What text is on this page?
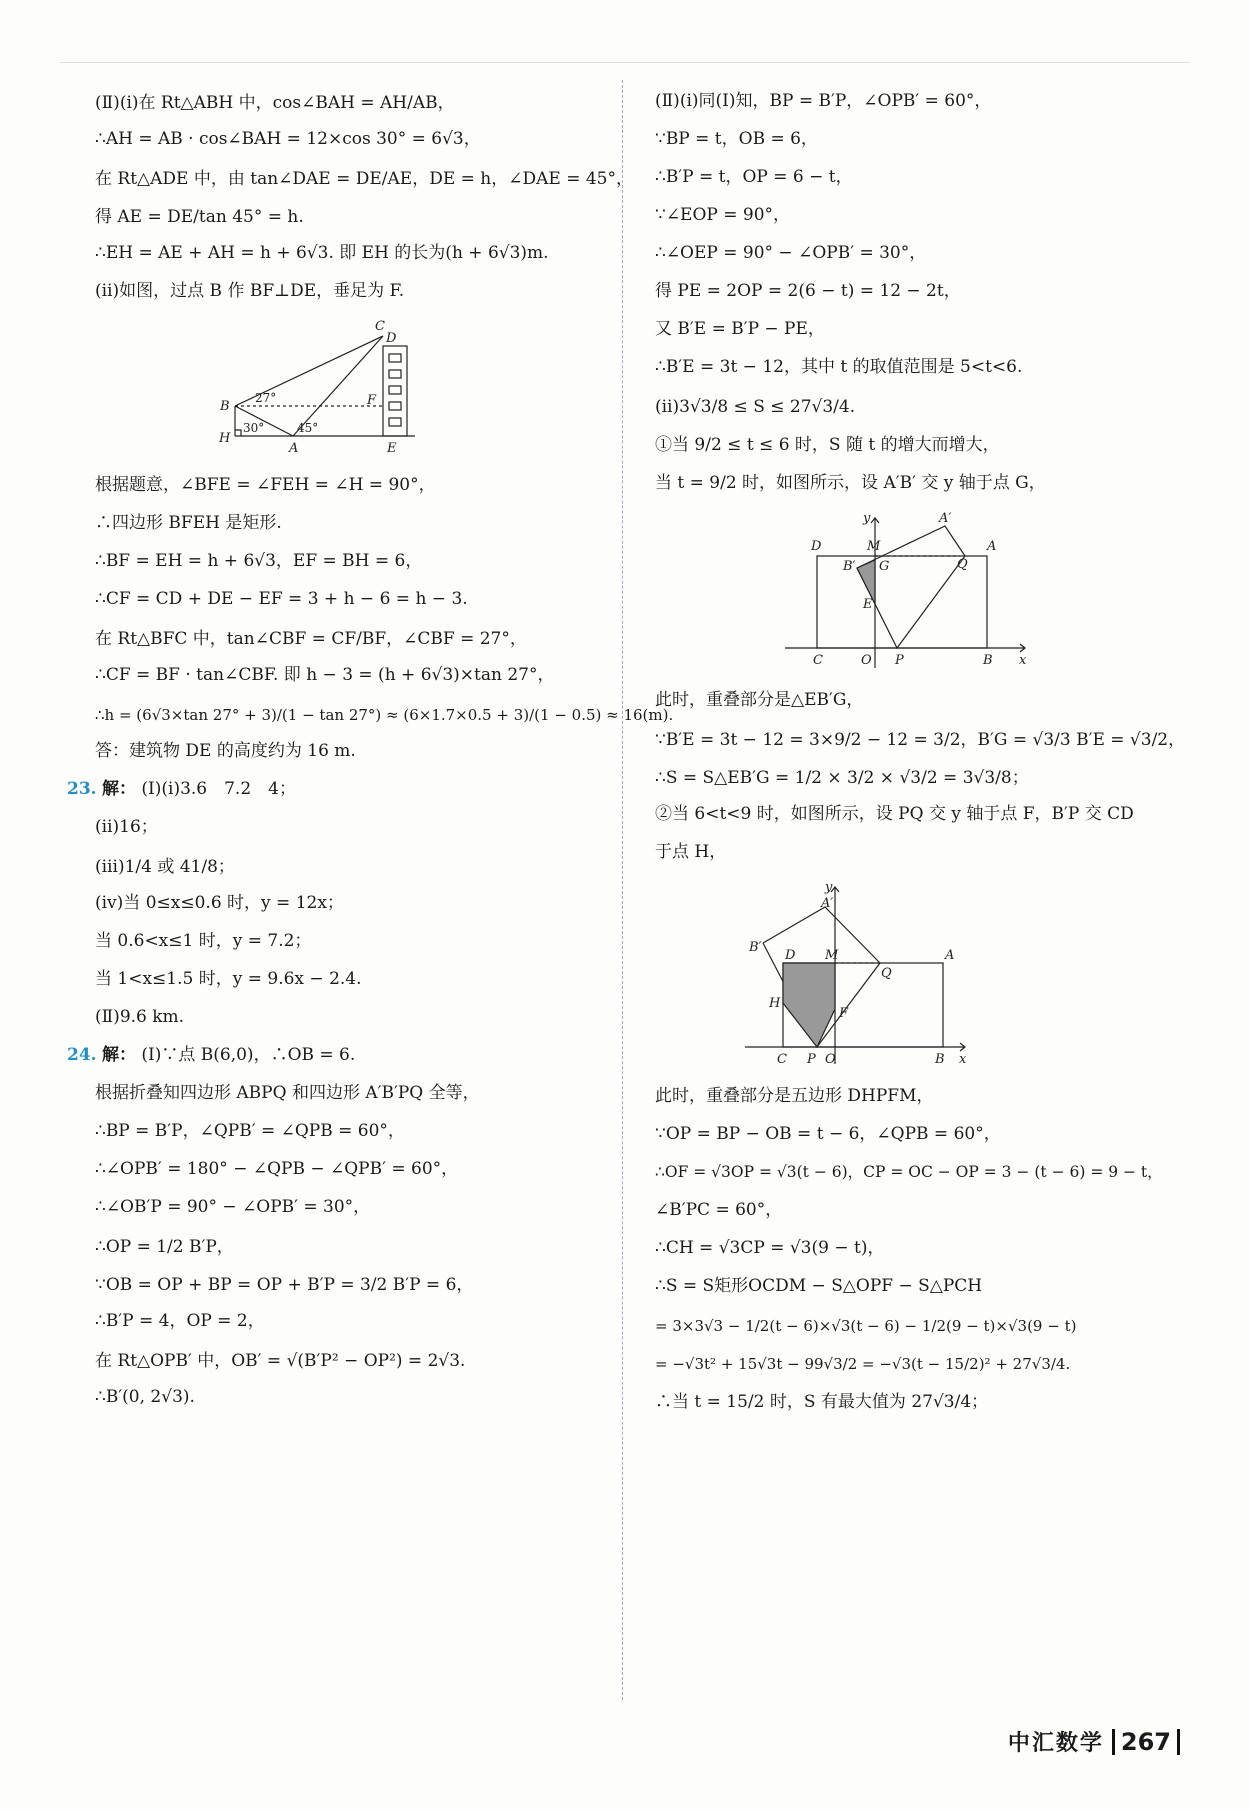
(Ⅱ)(ⅰ)在 Rt△ABH 中，cos∠BAH = AH/AB，
∴AH = AB · cos∠BAH = 12×cos 30° = 6√3，
在 Rt△ADE 中，由 tan∠DAE = DE/AE，DE = h，∠DAE = 45°，
得 AE = DE/tan 45° = h.
∴EH = AE + AH = h + 6√3. 即 EH 的长为(h + 6√3)m.
(ⅱ)如图，过点 B 作 BF⊥DE，垂足为 F.
C
D
B
27°	F
H
30°	45°
A	E
根据题意，∠BFE = ∠FEH = ∠H = 90°，
∴四边形 BFEH 是矩形.
∴BF = EH = h + 6√3，EF = BH = 6，
∴CF = CD + DE − EF = 3 + h − 6 = h − 3.
在 Rt△BFC 中，tan∠CBF = CF/BF，∠CBF = 27°，
∴CF = BF · tan∠CBF. 即 h − 3 = (h + 6√3)×tan 27°，
∴h = (6√3×tan 27° + 3)/(1 − tan 27°) ≈ (6×1.7×0.5 + 3)/(1 − 0.5) ≈ 16(m).
答：建筑物 DE 的高度约为 16 m.
23. 解： (Ⅰ)(ⅰ)3.6　7.2　4；
(ⅱ)16；
(ⅲ)1/4 或 41/8；
(ⅳ)当 0≤x≤0.6 时，y = 12x；
当 0.6<x≤1 时，y = 7.2；
当 1<x≤1.5 时，y = 9.6x − 2.4.
(Ⅱ)9.6 km.
24. 解： (Ⅰ)∵点 B(6,0)，∴OB = 6.
根据折叠知四边形 ABPQ 和四边形 A′B′PQ 全等，
∴BP = B′P，∠QPB′ = ∠QPB = 60°，
∴∠OPB′ = 180° − ∠QPB − ∠QPB′ = 60°，
∴∠OB′P = 90° − ∠OPB′ = 30°，
∴OP = 1/2 B′P，
∵OB = OP + BP = OP + B′P = 3/2 B′P = 6，
∴B′P = 4，OP = 2，
在 Rt△OPB′ 中，OB′ = √(B′P² − OP²) = 2√3.
∴B′(0, 2√3).
(Ⅱ)(ⅰ)同(Ⅰ)知，BP = B′P，∠OPB′ = 60°，
∵BP = t，OB = 6，
∴B′P = t，OP = 6 − t，
∵∠EOP = 90°，
∴∠OEP = 90° − ∠OPB′ = 30°，
得 PE = 2OP = 2(6 − t) = 12 − 2t，
又 B′E = B′P − PE，
∴B′E = 3t − 12，其中 t 的取值范围是 5<t<6.
(ⅱ)3√3/8 ≤ S ≤ 27√3/4.
①当 9/2 ≤ t ≤ 6 时，S 随 t 的增大而增大，
当 t = 9/2 时，如图所示，设 A′B′ 交 y 轴于点 G，
y	A′
D	M	A
B′ G	Q
E
C	O P	B x
此时，重叠部分是△EB′G，
∵B′E = 3t − 12 = 3×9/2 − 12 = 3/2，B′G = √3/3 B′E = √3/2，
∴S = S△EB′G = 1/2 × 3/2 × √3/2 = 3√3/8；
②当 6<t<9 时，如图所示，设 PQ 交 y 轴于点 F，B′P 交 CD
于点 H，
y
A′
B′
D M	A
Q
H
F
C P O	B x
此时，重叠部分是五边形 DHPFM，
∵OP = BP − OB = t − 6，∠QPB = 60°，
∴OF = √3OP = √3(t − 6)，CP = OC − OP = 3 − (t − 6) = 9 − t，
∠B′PC = 60°，
∴CH = √3CP = √3(9 − t)，
∴S = S矩形OCDM − S△OPF − S△PCH
= 3×3√3 − 1/2(t − 6)×√3(t − 6) − 1/2(9 − t)×√3(9 − t)
= −√3t² + 15√3t − 99√3/2 = −√3(t − 15/2)² + 27√3/4.
∴当 t = 15/2 时，S 有最大值为 27√3/4；
中汇数学 267
